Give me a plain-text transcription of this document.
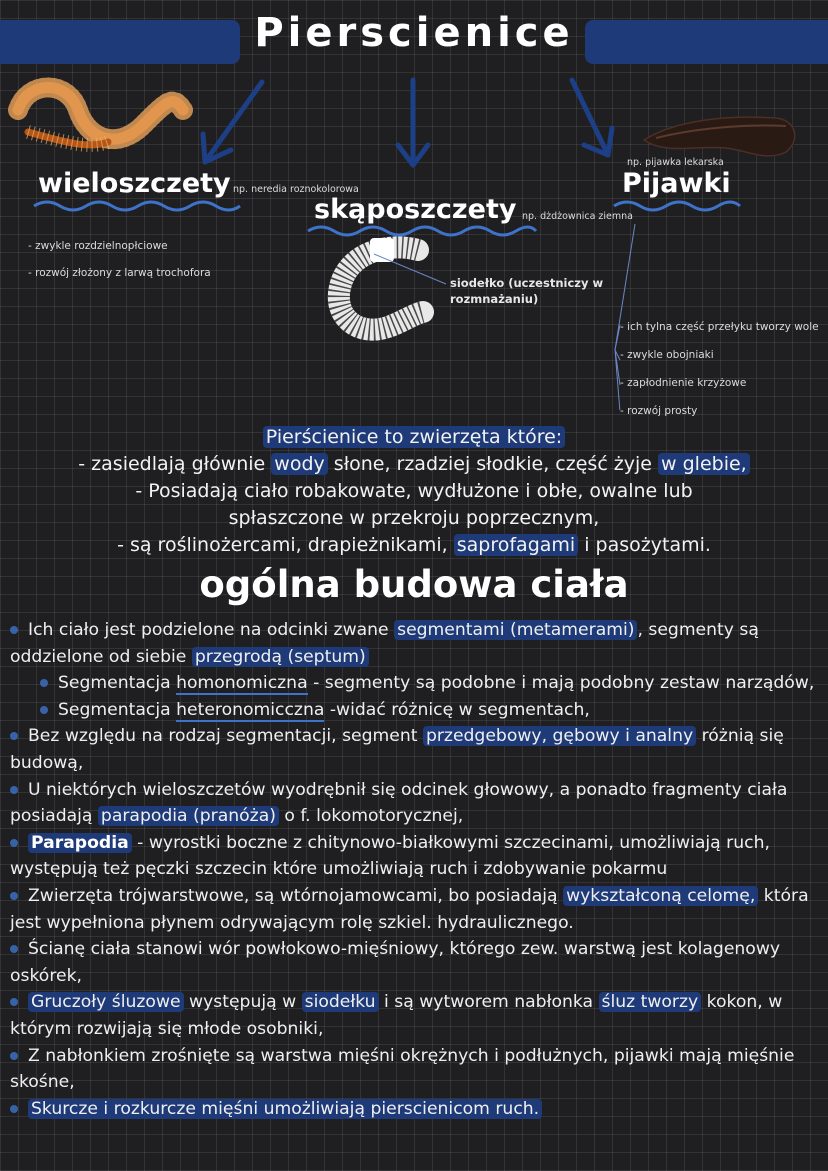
Pierscienice
wieloszczety np. neredia roznokolorowa
- zwykle rozdzielnopłciowe
- rozwój złożony z larwą trochofora
skąposzczety np. dżdżownica ziemna
siodełko (uczestniczy w
rozmnażaniu)
np. pijawka lekarska
Pijawki
- ich tylna część przełyku tworzy wole
- zwykle obojniaki
- zapłodnienie krzyżowe
- rozwój prosty
Pierścienice to zwierzęta które:
- zasiedlają głównie wody słone, rzadziej słodkie, część żyje w glebie,
- Posiadają ciało robakowate, wydłużone i obłe, owalne lub
spłaszczone w przekroju poprzecznym,
- są roślinożercami, drapieżnikami, saprofagami i pasożytami.
ogólna budowa ciała

Ich ciało jest podzielone na odcinki zwane segmentami (metamerami) , segmenty są oddzielone od siebie przegrodą (septum)

Segmentacja homonomiczna - segmenty są podobne i mają podobny zestaw narządów,

Segmentacja heteronomicczna -widać różnicę w segmentach,

Bez względu na rodzaj segmentacji, segment przedgebowy, gębowy i analny różnią się budową,

U niektórych wieloszczetów wyodrębnił się odcinek głowowy, a ponadto fragmenty ciała posiadają parapodia (pranóża) o f. lokomotorycznej,

Parapodia - wyrostki boczne z chitynowo-białkowymi szczecinami, umożliwiają ruch, występują też pęczki szczecin które umożliwiają ruch i zdobywanie pokarmu

Zwierzęta trójwarstwowe, są wtórnojamowcami, bo posiadają wykształconą celomę, która jest wypełniona płynem odrywającym rolę szkiel. hydraulicznego.

Ścianę ciała stanowi wór powłokowo-mięśniowy, którego zew. warstwą jest kolagenowy oskórek,

Gruczoły śluzowe występują w siodełku i są wytworem nabłonka śluz tworzy kokon, w którym rozwijają się młode osobniki,

Z nabłonkiem zrośnięte są warstwa mięśni okrężnych i podłużnych, pijawki mają mięśnie skośne,

Skurcze i rozkurcze mięśni umożliwiają pierscienicom ruch.
